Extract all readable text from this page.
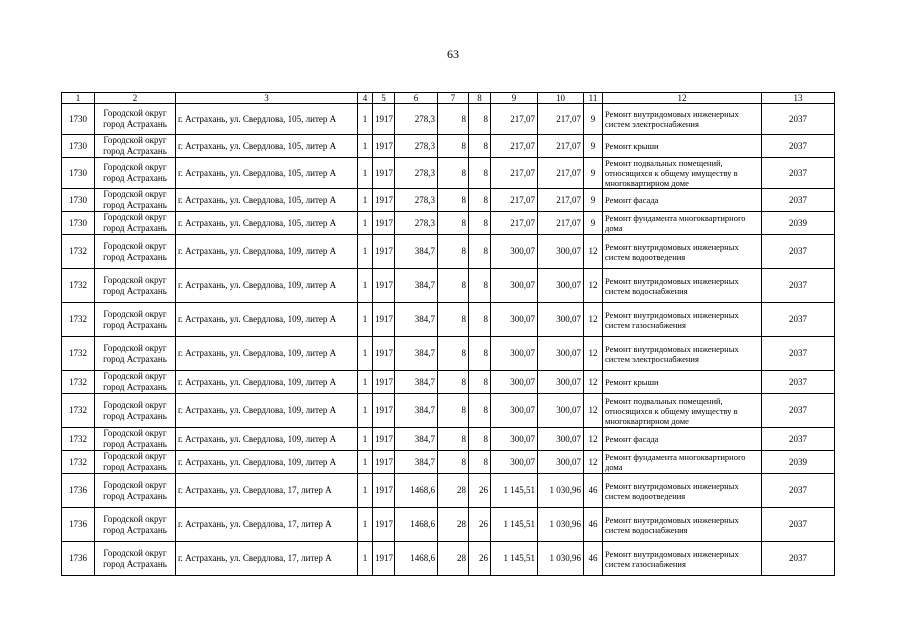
63
1	2	3	4	5	6	7	8	9	10	11	12	13
1730	Городской округ город Астрахань	г. Астрахань, ул. Свердлова, 105, литер А	1	1917	278,3	8	8	217,07	217,07	9	Ремонт внутридомовых инженерных систем электроснабжения	2037
1730	Городской округ город Астрахань	г. Астрахань, ул. Свердлова, 105, литер А	1	1917	278,3	8	8	217,07	217,07	9	Ремонт крыши	2037
1730	Городской округ город Астрахань	г. Астрахань, ул. Свердлова, 105, литер А	1	1917	278,3	8	8	217,07	217,07	9	Ремонт подвальных помещений, относящихся к общему имуществу в многоквартирном доме	2037
1730	Городской округ город Астрахань	г. Астрахань, ул. Свердлова, 105, литер А	1	1917	278,3	8	8	217,07	217,07	9	Ремонт фасада	2037
1730	Городской округ город Астрахань	г. Астрахань, ул. Свердлова, 105, литер А	1	1917	278,3	8	8	217,07	217,07	9	Ремонт фундамента многоквартирного дома	2039
1732	Городской округ город Астрахань	г. Астрахань, ул. Свердлова, 109, литер А	1	1917	384,7	8	8	300,07	300,07	12	Ремонт внутридомовых инженерных систем водоотведения	2037
1732	Городской округ город Астрахань	г. Астрахань, ул. Свердлова, 109, литер А	1	1917	384,7	8	8	300,07	300,07	12	Ремонт внутридомовых инженерных систем водоснабжения	2037
1732	Городской округ город Астрахань	г. Астрахань, ул. Свердлова, 109, литер А	1	1917	384,7	8	8	300,07	300,07	12	Ремонт внутридомовых инженерных систем газоснабжения	2037
1732	Городской округ город Астрахань	г. Астрахань, ул. Свердлова, 109, литер А	1	1917	384,7	8	8	300,07	300,07	12	Ремонт внутридомовых инженерных систем электроснабжения	2037
1732	Городской округ город Астрахань	г. Астрахань, ул. Свердлова, 109, литер А	1	1917	384,7	8	8	300,07	300,07	12	Ремонт крыши	2037
1732	Городской округ город Астрахань	г. Астрахань, ул. Свердлова, 109, литер А	1	1917	384,7	8	8	300,07	300,07	12	Ремонт подвальных помещений, относящихся к общему имуществу в многоквартирном доме	2037
1732	Городской округ город Астрахань	г. Астрахань, ул. Свердлова, 109, литер А	1	1917	384,7	8	8	300,07	300,07	12	Ремонт фасада	2037
1732	Городской округ город Астрахань	г. Астрахань, ул. Свердлова, 109, литер А	1	1917	384,7	8	8	300,07	300,07	12	Ремонт фундамента многоквартирного дома	2039
1736	Городской округ город Астрахань	г. Астрахань, ул. Свердлова, 17, литер А	1	1917	1468,6	28	26	1 145,51	1 030,96	46	Ремонт внутридомовых инженерных систем водоотведения	2037
1736	Городской округ город Астрахань	г. Астрахань, ул. Свердлова, 17, литер А	1	1917	1468,6	28	26	1 145,51	1 030,96	46	Ремонт внутридомовых инженерных систем водоснабжения	2037
1736	Городской округ город Астрахань	г. Астрахань, ул. Свердлова, 17, литер А	1	1917	1468,6	28	26	1 145,51	1 030,96	46	Ремонт внутридомовых инженерных систем газоснабжения	2037
